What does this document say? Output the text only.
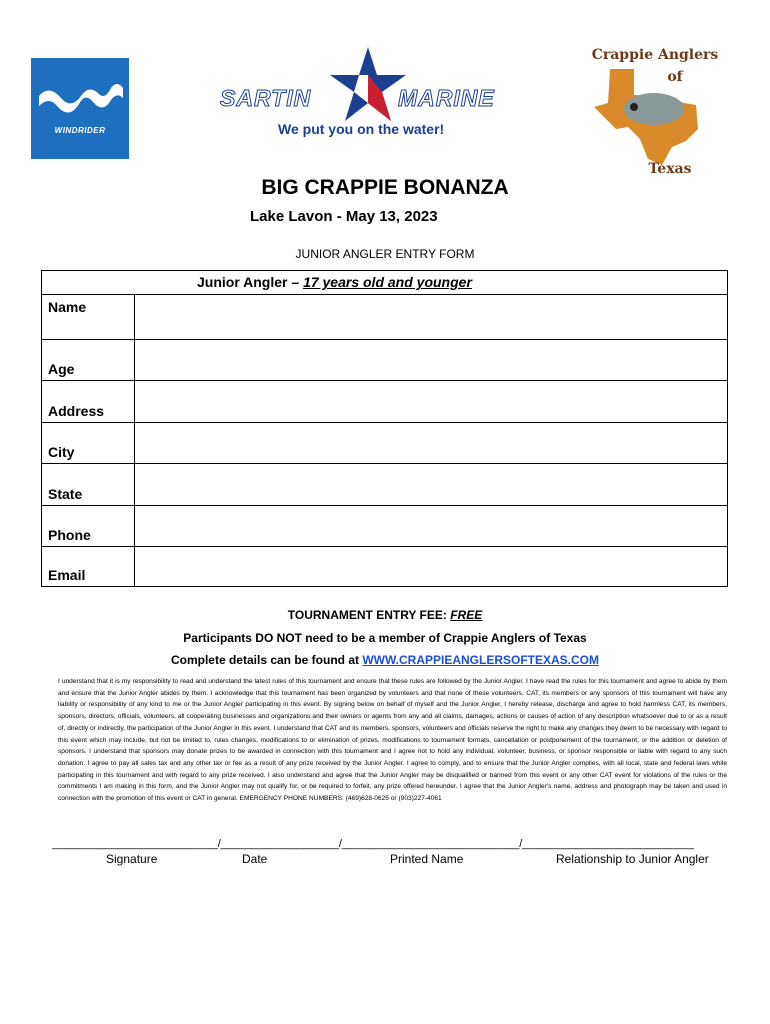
WINDRIDER
SARTIN	MARINE
We put you on the water!
Crappie Anglers
of
Texas
BIG CRAPPIE BONANZA
Lake Lavon - May 13, 2023
JUNIOR ANGLER ENTRY FORM
Junior Angler – 17 years old and younger
Name
Age
Address
City
State
Phone
Email
TOURNAMENT ENTRY FEE: FREE
Participants DO NOT need to be a member of Crappie Anglers of Texas
Complete details can be found at WWW.CRAPPIEANGLERSOFTEXAS.COM
I understand that it is my responsibility to read and understand the latest rules of this tournament and ensure that these rules are followed by the Junior Angler. I have read the rules for this tournament and agree to abide by them and ensure that the Junior Angler abides by them. I acknowledge that this tournament has been organized by volunteers and that none of these volunteers, CAT, its members or any sponsors of this tournament will have any liability or responsibility of any kind to me or the Junior Angler participating in this event. By signing below on behalf of myself and the Junior Angler, I hereby release, discharge and agree to hold harmless CAT, its members, sponsors, directors, officials, volunteers, all cooperating businesses and organizations and their owners or agents from any and all claims, damages, actions or causes of action of any description whatsoever due to or as a result of, directly or indirectly, the participation of the Junior Angler in this event. I understand that CAT and its members, sponsors, volunteers and officials reserve the right to make any changes they deem to be necessary with regard to this event which may include, but not be limited to, rules changes, modifications to or elimination of prizes, modifications to tournament formats, cancellation or postponement of the tournament, or the addition or deletion of sponsors. I understand that sponsors may donate prizes to be awarded in connection with this tournament and I agree not to hold any individual, volunteer, business, or sponsor responsible or liable with regard to any such donation. I agree to pay all sales tax and any other tax or fee as a result of any prize received by the Junior Angler. I agree to comply, and to ensure that the Junior Angler complies, with all local, state and federal laws while participating in this tournament and with regard to any prize received. I also understand and agree that the Junior Angler may be disqualified or banned from this event or any other CAT event for violations of the rules or the commitments I am making in this form, and the Junior Angler may not qualify for, or be required to forfeit, any prize offered hereunder. I agree that the Junior Angler's name, address and photograph may be taken and used in connection with the promotion of this event or CAT in general. EMERGENCY PHONE NUMBERS: (469)628-0625 or (903)227-4061
____________________________/____________________/______________________________/_____________________________
Signature	Date	Printed Name	Relationship to Junior Angler
